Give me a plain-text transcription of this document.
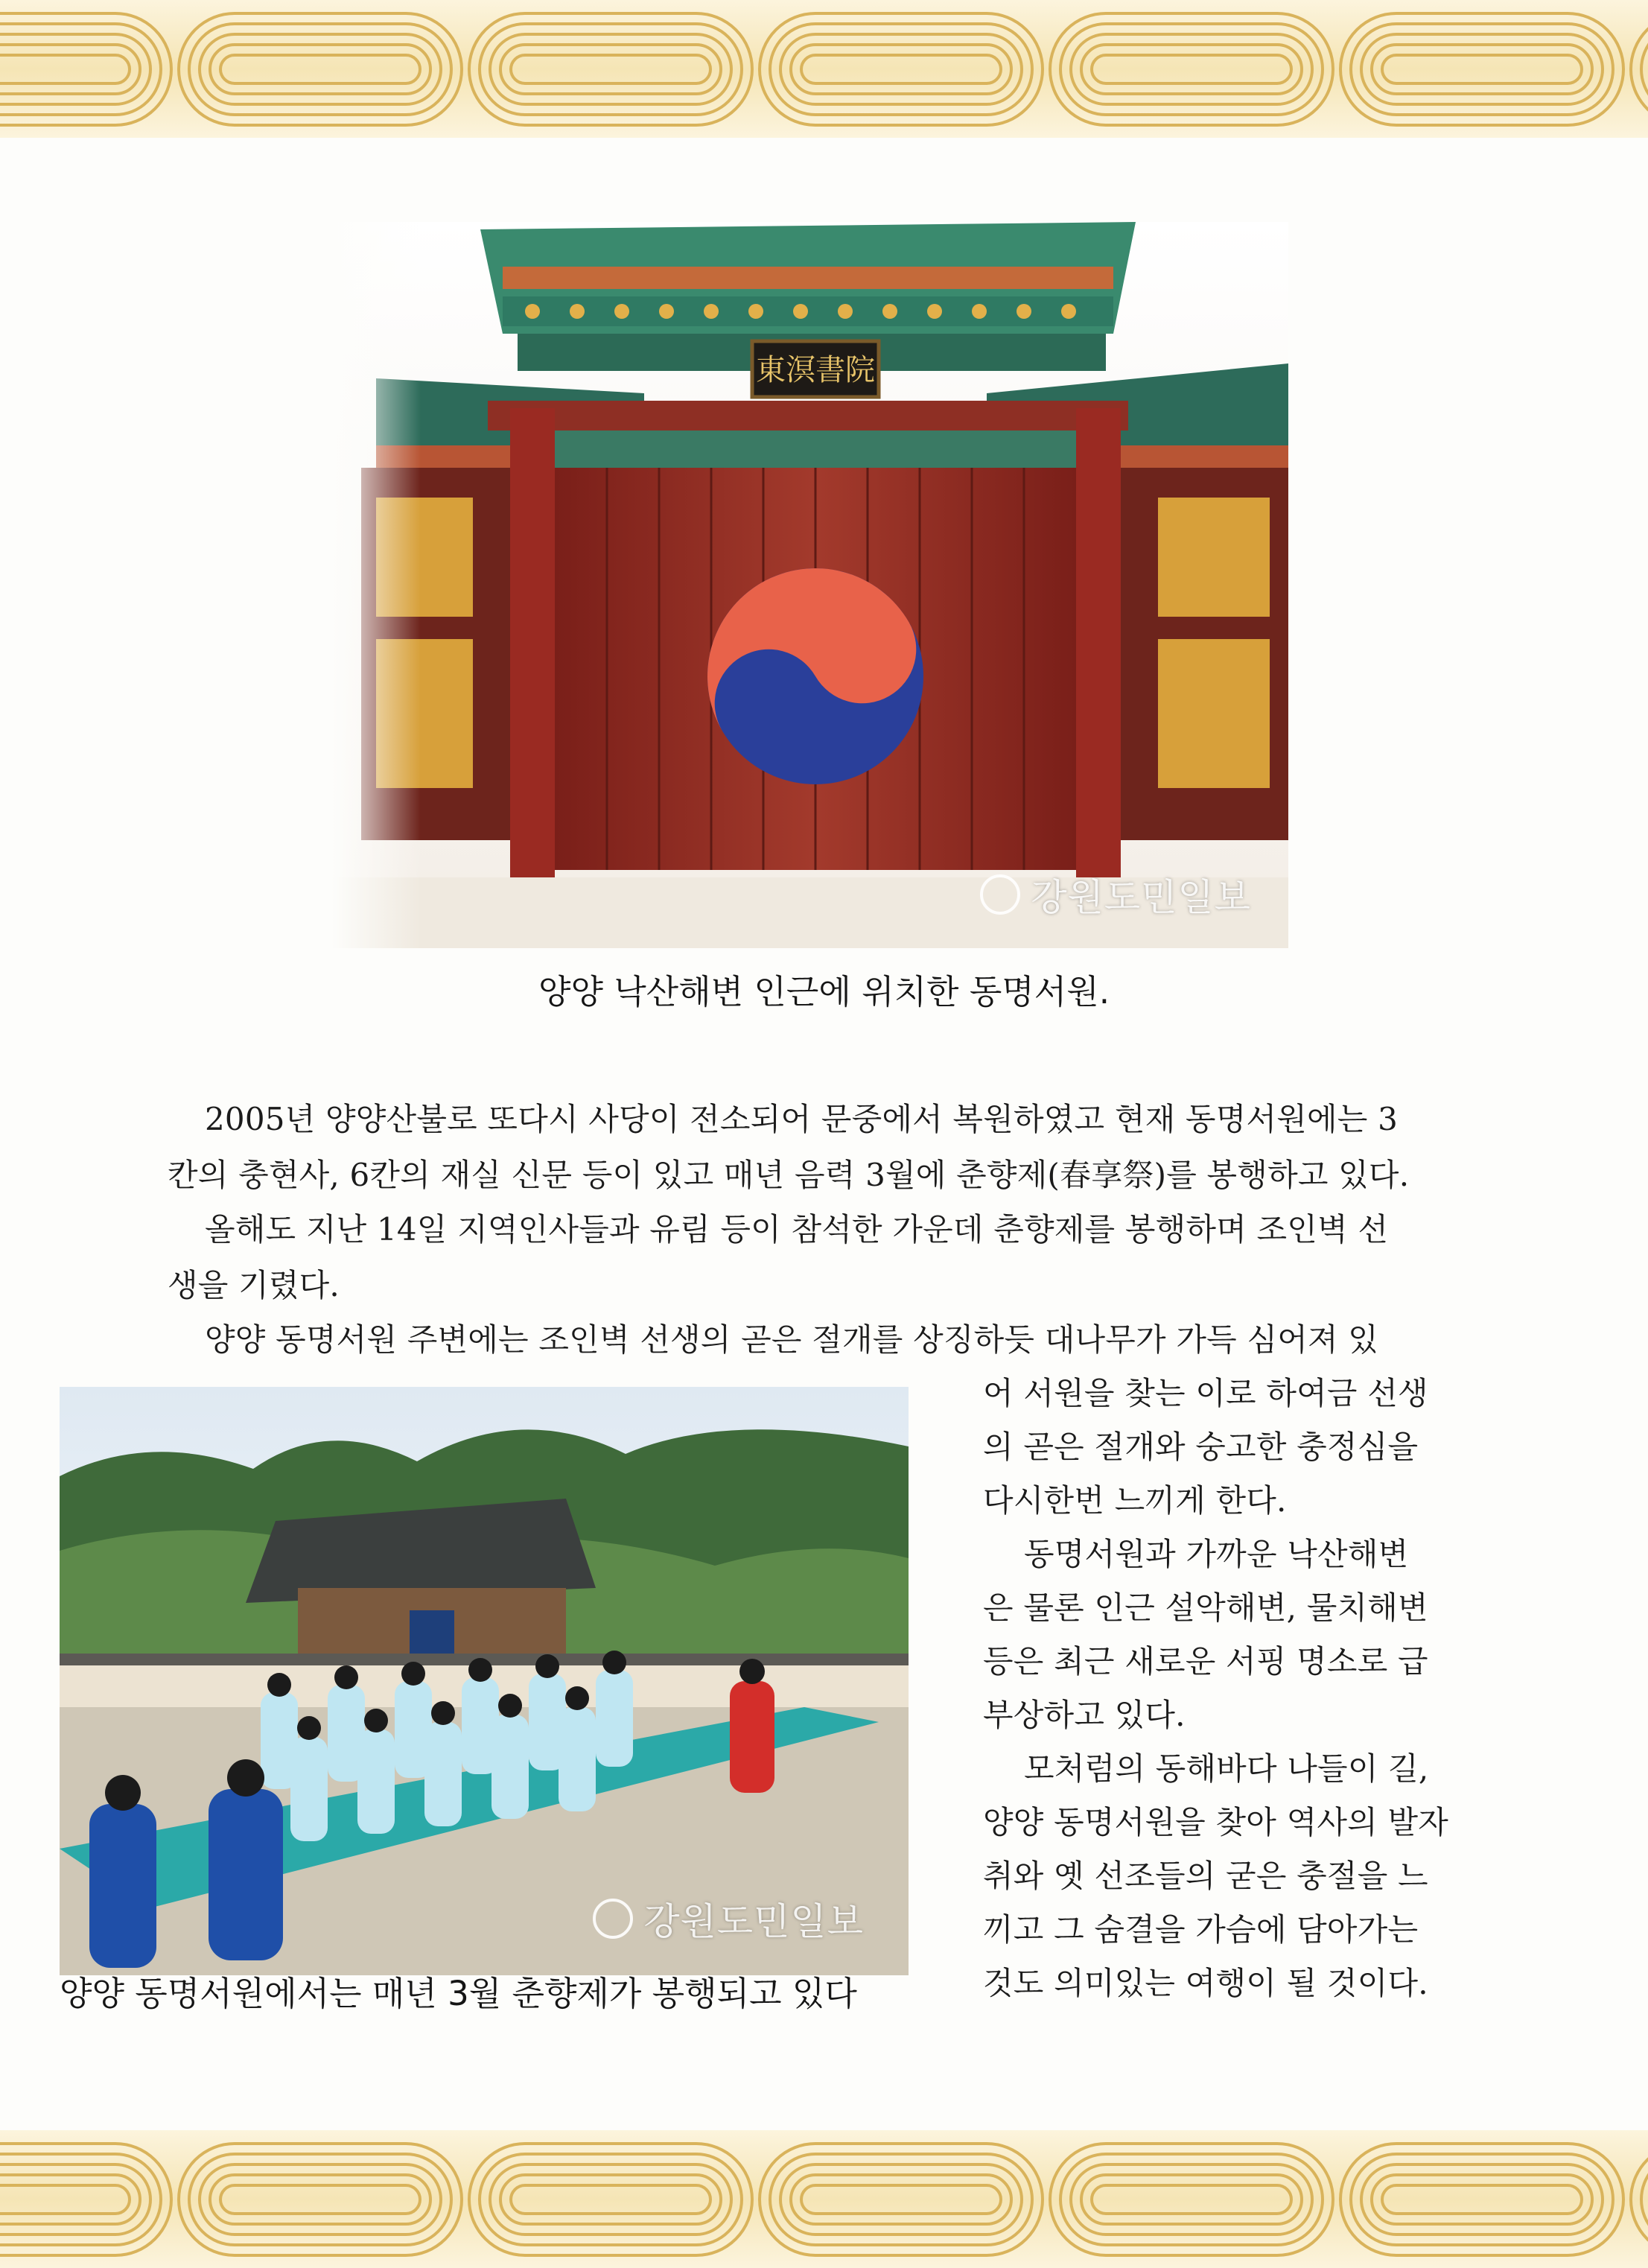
東溟書院
강원도민일보
양양 낙산해변 인근에 위치한 동명서원.
2005년 양양산불로 또다시 사당이 전소되어 문중에서 복원하였고 현재 동명서원에는 3
칸의 충현사, 6칸의 재실 신문 등이 있고 매년 음력 3월에 춘향제(春享祭)를 봉행하고 있다.
올해도 지난 14일 지역인사들과 유림 등이 참석한 가운데 춘향제를 봉행하며 조인벽 선
생을 기렸다.
양양 동명서원 주변에는 조인벽 선생의 곧은 절개를 상징하듯 대나무가 가득 심어져 있
어 서원을 찾는 이로 하여금 선생
의 곧은 절개와 숭고한 충정심을
다시한번 느끼게 한다.
동명서원과 가까운 낙산해변
은 물론 인근 설악해변, 물치해변
등은 최근 새로운 서핑 명소로 급
부상하고 있다.
모처럼의 동해바다 나들이 길,
양양 동명서원을 찾아 역사의 발자
취와 옛 선조들의 굳은 충절을 느
끼고 그 숨결을 가슴에 담아가는
것도 의미있는 여행이 될 것이다.
강원도민일보
양양 동명서원에서는 매년 3월 춘향제가 봉행되고 있다
